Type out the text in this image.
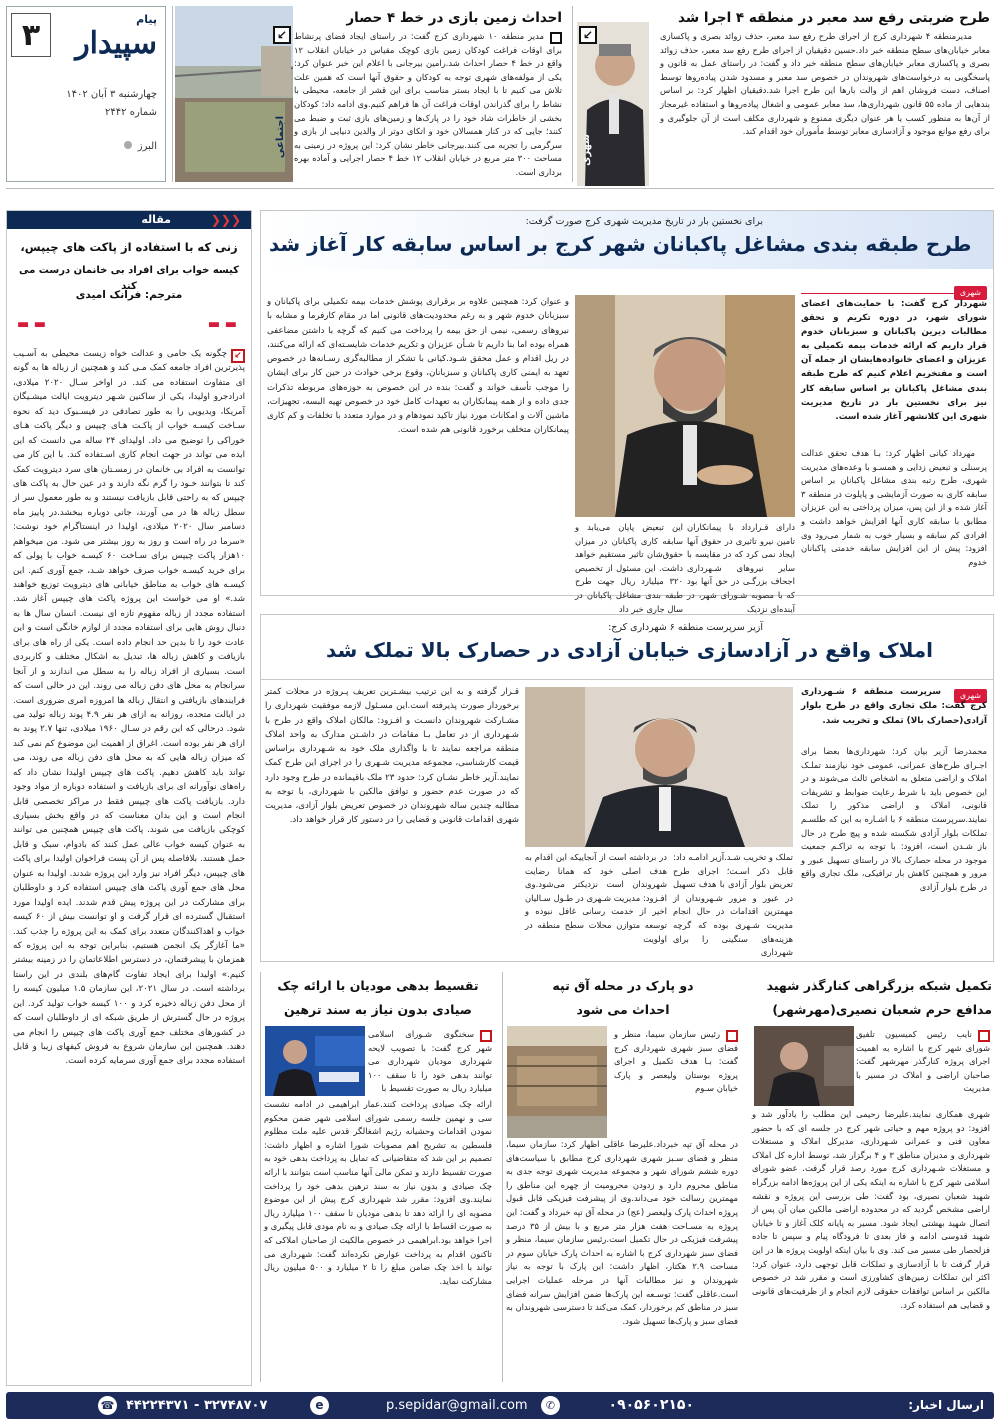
۳	پیام
سپیدار
چهارشنبه ۳ آبان ۱۴۰۲
شماره ۲۴۴۲
البرز	اجتماعی
↙
احداث زمین بازی در خط ۴ حصار
مدیر منطقه ۱۰ شهرداری کرج گفت: در راستای ایجاد فضای پرنشاط برای اوقات فراغت کودکان زمین بازی کوچک مقیاس در خیابان انقلاب ۱۲ واقع در خط ۴ حصار احداث شد.رامین بیرجانی با اعلام این خبر عنوان کرد: یکی از مولفه‌های شهری توجه به کودکان و حقوق آنها است که همین علت تلاش می کنیم تا با ایجاد بستر مناسب برای این قشر از جامعه، محیطی با نشاط را برای گذراندن اوقات فراغت آن ها فراهم کنیم.وی ادامه داد: کودکان بخشی از خاطرات شاد خود را در پارک‌ها و زمین‌های بازی ثبت و ضبط می کنند؛ جایی که در کنار همسالان خود و اتکای دوتر از والدین دنیایی از بازی و سرگرمی را تجربه می کنند.بیرجانی خاطر نشان کرد: این پروژه در زمینی به مساحت ۳۰۰ متر مربع در خیابان انقلاب ۱۲ خط ۴ حصار اجرایی و آماده بهره برداری است.
شهری
↙
طرح ضربتی رفع سد معبر در منطقه ۴ اجرا شد
مدیرمنطقه ۴ شهرداری کرج از اجرای طرح رفع سد معبر، حذف زوائد بصری و پاکسازی معابر خیابان‌های سطح منطقه خبر داد.حسین دقیقیان از اجرای طرح رفع سد معبر، حذف زوائد بصری و پاکسازی معابر خیابان‌های سطح منطقه خبر داد و گفت: در راستای عمل به قانون و پاسخگویی به درخواست‌های شهروندان در خصوص سد معبر و مسدود شدن پیاده‌روها توسط اصناف، دست فروشان اهم از والت بارها این طرح اجرا شد.دقیقیان اظهار کرد: بر اساس بندهایی از ماده ۵۵ قانون شهرداری‌ها، سد معابر عمومی و اشغال پیاده‌روها و استفاده غیرمجاز از آن‌ها به منظور کسب یا هر عنوان دیگری ممنوع و شهرداری مکلف است از آن جلوگیری و برای رفع موانع موجود و آزادسازی معابر توسط مأموران خود اقدام کند.
مقاله	❮❮❮
زنی که با استفاده از پاکت های چیپس،
کیسه خواب برای افراد بی خانمان درست می کند
مترجم: فرانک امیدی
▬ ▬
▬ ▬
↙
چگونه یک حامی و عدالت خواه زیست محیطی به آسـیب پذیرترین افراد جامعه کمک مـی کند و همچنین از زباله ها به گونه ای متفاوت استفاده می کند. در اواخر سـال ۲۰۲۰ میلادی، ادرادجرو اولیدا، یکی از ساکنین شـهر دیترویت ایالت میشـیگان آمریکا، ویدیویی را به طور تصادفی در فیسـبوک دید که نحوه سـاخت کیسـه خواب از پاکـت هـای چیپس و دیگر پاکت هـای خوراکی را توضیح می داد. اولیدای ۲۴ ساله می دانست که این ایده می تواند در جهت انجام کاری اسـتفاده کند. با این کار می توانست به افراد بی خانمان در زمسـتان های سرد دیترویت کمک کند تا بتوانند خـود را گرم نگه دارند و در عین حال به پاکت های چیپس که به راحتی قابل بازیافت نیستند و به طور معمول سر از سطل زباله ها در می آورند، جانی دوباره ببخشد.در پاییز ماه دسامبر سال ۲۰۲۰ میلادی، اولیدا در اینستاگرام خود نوشت: «سرما در راه است و روز به روز بیشتر می شود. من میخواهم ۱۰هزار پاکت چیپس برای سـاخت ۶۰ کیسـه خواب با پولی که برای خرید کیسـه خواب صرف خواهد شـد، جمع آوری کنم. این کیسـه های خواب به مناطق خیابانی های دیترویت توزیع خواهند شد.» او می خواست این پروژه پاکت های چیپس آغاز شد. استفاده مجدد از زباله مفهوم تازه ای نیست. انسان سال ها به دنبال روش هایی برای استفاده مجدد از لوازم خانگی است و این عادت خود را تا بدین حد انجام داده است. یکی از راه های برای بازیافت و کاهش زباله ها، تبدیل به اشکال مختلف و کاربردی است. بسیاری از افراد زباله را به سطل می اندازند و از آنجا سرانجام به محل های دفن زباله می روند. این در حالی است که فرایندهای بازیافتی و انتقال زباله ها امروزه امری ضروری است. در ایالت متحده، روزانه به ازای هر نفر ۴.۹ پوند زباله تولید می شود. درحالی که این رقم در سـال ۱۹۶۰ میلادی، تنها ۲.۷ پوند به ازای هر نفر بوده است. اغراق از اهمیت این موضوع کم نمی کند که میزان زباله هایی که به محل های دفن زباله می روند، می تواند باید کاهش دهیم. پاکت های چیپس اولیدا نشان داد که راه‌های نوآورانه ای برای بازیافت و استفاده دوباره از مواد وجود دارد. بازیافت پاکت های چیپس فقط در مراکز تخصصی قابل انجام است و این بدان معناست که در واقع بخش بسیاری کوچکی بازیافت می شوند. پاکت های چیپس همچنین می توانند به عنوان کیسه خواب عالی عمل کنند که بادوام، سبک و قابل حمل هستند. بلافاصله پس از آن پست فراخوان اولیدا برای پاکت های چیپس، دیگر افراد نیز وارد این پروژه شدند. اولیدا به عنوان محل های جمع آوری پاکت های چیپس استفاده کرد و داوطلبان برای مشارکت در این پروژه پیش قدم شدند. ایده اولیدا مورد استقبال گسترده ای قرار گرفت و او توانست بیش از ۶۰ کیسه خواب و اهداکنندگان متعدد برای کمک به این پروژه را جذب کند. «ما آغازگر یک انجمن هستیم، بنابراین توجه به این پروژه که همزمان با پیشرفتمان، در دسترس اطلاعاتمان را در زمینه بیشتر کنیم.» اولیدا برای ایجاد تفاوت گام‌های بلندی در این راستا برداشته است. در سال ۲۰۲۱، این سازمان ۱.۵ میلیون کیسه را از محل دفن زباله ذخیره کرد و ۱۰۰ کیسه خواب تولید کرد. این پروژه در حال گسترش از طریق شبکه ای از داوطلبان است که در کشورهای مختلف جمع آوری پاکت های چیپس را انجام می دهند. همچنین این سازمان شروع به فروش کیفهای زیبا و قابل استفاده مجدد برای جمع آوری سرمایه کرده است.
برای نخستین بار در تاریخ مدیریت شهری کرج صورت گرفت:
طرح طبقه بندی مشاغل پاکبانان شهر کرج بر اساس سابقه کار آغاز شد
شهری
شهردار کرج گفت: با حمایت‌های اعضای شورای شهر، در دوره تکریم و تحقق مطالبات دیرین پاکبانان و سبزبانان خدوم قرار داریم که ارائه خدمات بیمه تکمیلی به عزیزان و اعضای خانواده‌هایشان از جمله آن است و مفتخریم اعلام کنیم که طرح طبقه بندی مشاغل پاکبانان بر اساس سابقه کار نیز برای نخستین بار در تاریخ مدیریت شهری این کلانشهر آغاز شده است.
مهرداد کیانی اظهار کرد: بـا هدف تحقق عدالت پرسنلی و تبعیض زدایی و همسـو با وعده‌های مدیریت شهری، طرح رتبه بندی مشاغل پاکبانان بر اساس سابقه کاری به صورت آزمایشی و پایلوت در منطقه ۳ آغاز شده و از این پس، میزان پرداختی به این عزیزان مطابق با سابقه کاری آنها افزایش خواهد داشت و افرادی کم سابقه و بسیار خوب به شمار می‌رود وی افزود: پیش از این افزایش سابقه خدمتی پاکبانان خدوم
دارای قـرارداد با پیمانکاران تامین نیرو تاثیری در حقوق آنها ایجاد نمی کرد که در مقایسه با سایر نیروهای شـهرداری اجحاف بزرگـی در حق آنها بود که با مصوبه شـورای شهر، در آینده‌ای نزدیک
این تبعیض پایان می‌یابد و سابقه کاری پاکبانان در میزان حقوق‌شان تاثیر مستقیم خواهد داشت. این مسئول از تخصیص ۳۲۰ میلیارد ریال جهت طرح طبقه بندی مشاغل پاکبانان در سال جاری خبر داد
و عنوان کرد: همچنین علاوه بر برقراری پوشش خدمات بیمه تکمیلی برای پاکبانان و سبزبانان خدوم شهر و به رغم محدودیت‌های قانونی اما در مقام کارفرما و مشابه با نیروهای رسمی، نیمی از حق بیمه را پرداخت می کنیم که گرچه با داشتن مضاعفی همراه بوده اما بنا داریم تا شـأن عزیزان و تکریم خدمات شایسـته‌ای که ارائه می‌کنند، در ریل اقدام و عمل محقق شـود.کیانی با تشکر از مطالبه‌گری رسـانه‌ها در خصوص تعهد به ایمنی کاری پاکبانان و سبزبانان، وقوع برخی حوادث در حین کار برای ایشان را موجب تأسف خواند و گفت: بنده در این خصوص به حوزه‌های مربوطه تذکرات جدی داده و از همه پیمانکاران به تعهدات کامل خود در خصوص تهیه البسه، تجهیزات، ماشین آلات و امکانات مورد نیاز تاکید نمودهام و در موارد متعدد با تخلفات و کم کاری پیمانکاران متخلف برخورد قانونی هم شده است.
آزیر سرپرست منطقه ۶ شهرداری کرج:
املاک واقع در آزادسازی خیابان آزادی در حصارک بالا تملک شد
شهری
سرپرست منطقه ۶ شـهرداری کرج گفت: ملک تجاری واقع در طرح بلوار آزادی(حصارک بالا) تملک و تخریب شد.
محمدرضا آزیر بیان کرد: شهرداری‌ها بعضا برای اجـرای طرح‌های عمرانی، عمومی خود نیازمند تملـک املاک و اراضی متعلق به اشخاص ثالث می‌شوند و در این خصوص باید با شرط رعایت ضوابط و تشریفات قانونی، املاک و اراضی مذکور را تملک نمایند.سرپرست منطقه ۶ با اشـاره به این که طلسـم تملکات بلوار آزادی شکسته شده و پیچ طرح در حال باز شـدن است، افزود: با توجه به تراکـم جمعیت موجود در محله حصارک بالا در راستای تسهیل عبور و مرور و همچنین کاهش بار ترافیکی، ملک تجاری واقع در طرح بلوار آزادی
تملک و تخریب شـد.آزیر ادامـه داد: قابل ذکر اسـت؛ اجرای طرح تعریض بلوار آزادی با هدف تسهیل در عبور و مرور شـهروندان از مهمترین اقدامات در حال انجام مدیریت شـهری بوده که گرچه هزینه‌های سنگینی را برای شهرداری
در برداشته است از آنجاییکه این اقدام به هدف اصلی خود که همانا رضایت شهروندان است نزدیکتر می‌شود.وی افـزود: مدیریت شـهری در طـول سـالیان اخیر از خدمت رسانی غافل نبوده و توسعه متوازن محلات سطح منطقه در اولویت
قـرار گرفته و به این ترتیب بیشـترین تعریف پـروژه در محلات کمتر برخوردار صورت پذیرفته است.این مسـئول لازمه موفقیت شهرداری را مشـارکت شهروندان دانسـت و افـزود: مالکان املاک واقع در طرح با شـهرداری از در تعامل بـا مقامات در داشـتن مدارک به واحد املاک منطقه مراجعه نمایند تا با واگذاری ملک خود به شـهرداری براساس قیمت کارشناسی، مجموعه مدیریت شـهری را در اجرای این طرح کمک نمایند.آزیر خاطر نشـان کرد: حدود ۲۳ ملک باقیمانده در طرح وجود دارد که در صورت عدم حضور و توافق مالکین با شهرداری، با توجه به مطالبه چندین ساله شهروندان در خصوص تعریض بلوار آزادی، مدیریت شهری اقدامات قانونی و قضایی را در دستور کار قرار خواهد داد.
تکمیل شبکه بزرگراهی کنارگذر شهید
مدافع حرم شعبان نصیری(مهرشهر)
نایب رئیس کمیسیون تلفیق شورای شهر کرج با اشاره به اهمیت اجرای پروژه کنارگذر مهرشهر گفت: صاحبان اراضی و املاک در مسیر با مدیریت
شهری همکاری نمایند.علیرضا رحیمی این مطلب را یادآور شد و افزود: دو پروژه مهم و حیاتی شهر کرج در جلسه ای که با حضور معاون فنی و عمرانی شـهرداری، مدیرکل املاک و مستغلات شهرداری و مدیران مناطق ۳ و ۴ برگزار شد، توسط اداره کل املاک و مستغلات شـهرداری کرج مورد رصد قرار گرفت. عضو شورای اسلامی شهر کرج با اشاره به اینکه یکی از این پروژه‌ها ادامه بزرگراه شهید شعبان نصیری، بود گفت: طی بررسی این پروژه و نقشه اراضی مشخص گردید که در محدوده اراضی مالکین میان آن پس از اتصال شهید بهشتی ایجاد شود. مسیر به پایانه کلک آغاز و تا خیابان شهید قدوسی ادامه و فاز بعدی تا فرودگاه پیام و سپس تا جاده فزلحصار طی مسیر می کند. وی با بیان اینکه اولویت پروژه ها در این قرار گرفت تا با آزادسازی و تملکات قابل توجهی دارد، عنوان کرد: اکثر این تملکات زمین‌های کشاورزی است و مقرر شد در خصوص مالکین بر اساس توافقات حقوقی لازم انجام و از ظرفیت‌های قانونی و قضایی هم استفاده کرد.
دو پارک در محله آق تپه
احداث می شود
رئیس سازمان سیما، منظر و فضای سبز شهری شهرداری کرج گفت: بـا هدف تکمیل و اجرای پروژه بوستان ولیعصر و پارک خیابان سـوم
در محله آق تپه خبرداد.علیرضا عاقلی اظهار کرد: سازمان سیما، منظر و فضای سـبز شهری شهرداری کرج مطابق با سیاست‌های دوره ششم شورای شهر و مجموعه مدیریت شهری توجه جدی به مناطق محروم دارد و زدودن محرومیت از چهره این مناطق را مهمترین رسالت خود می‌داند.وی از پیشرفت فیزیکی قابل قبول پروژه احداث پارک ولیعصر (عج) در محله آق تپه خبرداد و گفت: این پروژه به مسـاحت هفت هزار متر مربع و با بیش از ۳۵ درصد پیشرفت فیزیکی در حال تکمیل است.رئیس سازمان سیما، منظر و فضای سبز شهرداری کرج با اشاره به احداث پارک خیابان سوم در مساحت ۲.۹ هکتار، اظهار داشت: این پارک با توجه به نیاز شهروندان و نیز مطالبات آنها در مرحله عملیات اجرایی است.عاقلی گفت: توسـعه این پارک‌ها ضمن افزایش سرانه فضای سبز در مناطق کم برخوردار، کمک می‌کند تا دسترسی شهروندان به فضای سبز و پارک‌ها تسهیل شود.
تقسیط بدهی مودیان با ارائه چک
صیادی بدون نیاز به سند ترهین
سخنگوی شـورای اسلامی شهر کرج گفت: با تصویب لایحه شهرداری مودیان شهرداری می توانند بدهی خود را تا سقف ۱۰۰ میلیارد ریال به صورت تقسیط با
ارائه چک صیادی پرداخت کنند.عمار ابراهیمی در ادامه نشست سی و نهمین جلسه رسمی شورای اسلامی شهر ضمن محکوم نمودن اقدامات وحشیانه رژیم اشغالگر قدس علیه ملت مظلوم فلسطین به تشریح اهم مصوبات شورا اشاره و اظهار داشت: تصمیم بر این شد که متقاضیانی که تمایل به پرداخت بدهی خود به صورت تقسیط دارند و تمکن مالی آنها مناسب است بتوانند با ارائه چک صیادی و بدون نیاز به سند ترهین بدهی خود را پرداخت نمایند.وی افزود: مقرر شد شهرداری کرج پیش از این موضوع مصوبه ای را ارائه دهد تا بدهی مودیان تا سقف ۱۰۰ میلیارد ریال به صورت اقساط با ارائه چک صیادی و به نام مودی قابل پیگیری و اجرا خواهد بود.ابراهیمی در خصوص مالکیت از صاحبان املاکی که تاکنون اقدام به پرداخت عوارض نکرده‌اند گفت: شهرداری می تواند با اخذ چک ضامن مبلغ را تا ۲ میلیارد و ۵۰۰ میلیون ریال مشارکت نماید.
ارسال اخبار:
۰۹۰۵۶۰۲۱۵۰
✆
p.sepidar@gmail.com
e
۳۲۷۴۸۷۰۷ - ۴۴۲۲۴۳۷۱
☎
